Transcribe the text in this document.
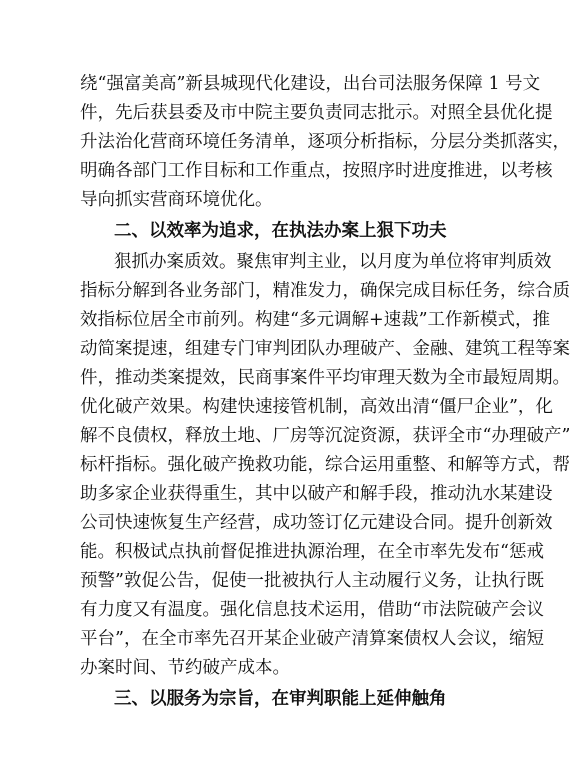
绕“强富美高”新县城现代化建设，出台司法服务保障 1 号文
件，先后获县委及市中院主要负责同志批示。对照全县优化提
升法治化营商环境任务清单，逐项分析指标，分层分类抓落实，
明确各部门工作目标和工作重点，按照序时进度推进，以考核
导向抓实营商环境优化。
二、以效率为追求，在执法办案上狠下功夫
狠抓办案质效。聚焦审判主业，以月度为单位将审判质效
指标分解到各业务部门，精准发力，确保完成目标任务，综合质
效指标位居全市前列。构建“多元调解+速裁”工作新模式，推
动简案提速，组建专门审判团队办理破产、金融、建筑工程等案
件，推动类案提效，民商事案件平均审理天数为全市最短周期。
优化破产效果。构建快速接管机制，高效出清“僵尸企业”，化
解不良债权，释放土地、厂房等沉淀资源，获评全市“办理破产”
标杆指标。强化破产挽救功能，综合运用重整、和解等方式，帮
助多家企业获得重生，其中以破产和解手段，推动氿水某建设
公司快速恢复生产经营，成功签订亿元建设合同。提升创新效
能。积极试点执前督促推进执源治理，在全市率先发布“惩戒
预警”敦促公告，促使一批被执行人主动履行义务，让执行既
有力度又有温度。强化信息技术运用，借助“市法院破产会议
平台”，在全市率先召开某企业破产清算案债权人会议，缩短
办案时间、节约破产成本。
三、以服务为宗旨，在审判职能上延伸触角
